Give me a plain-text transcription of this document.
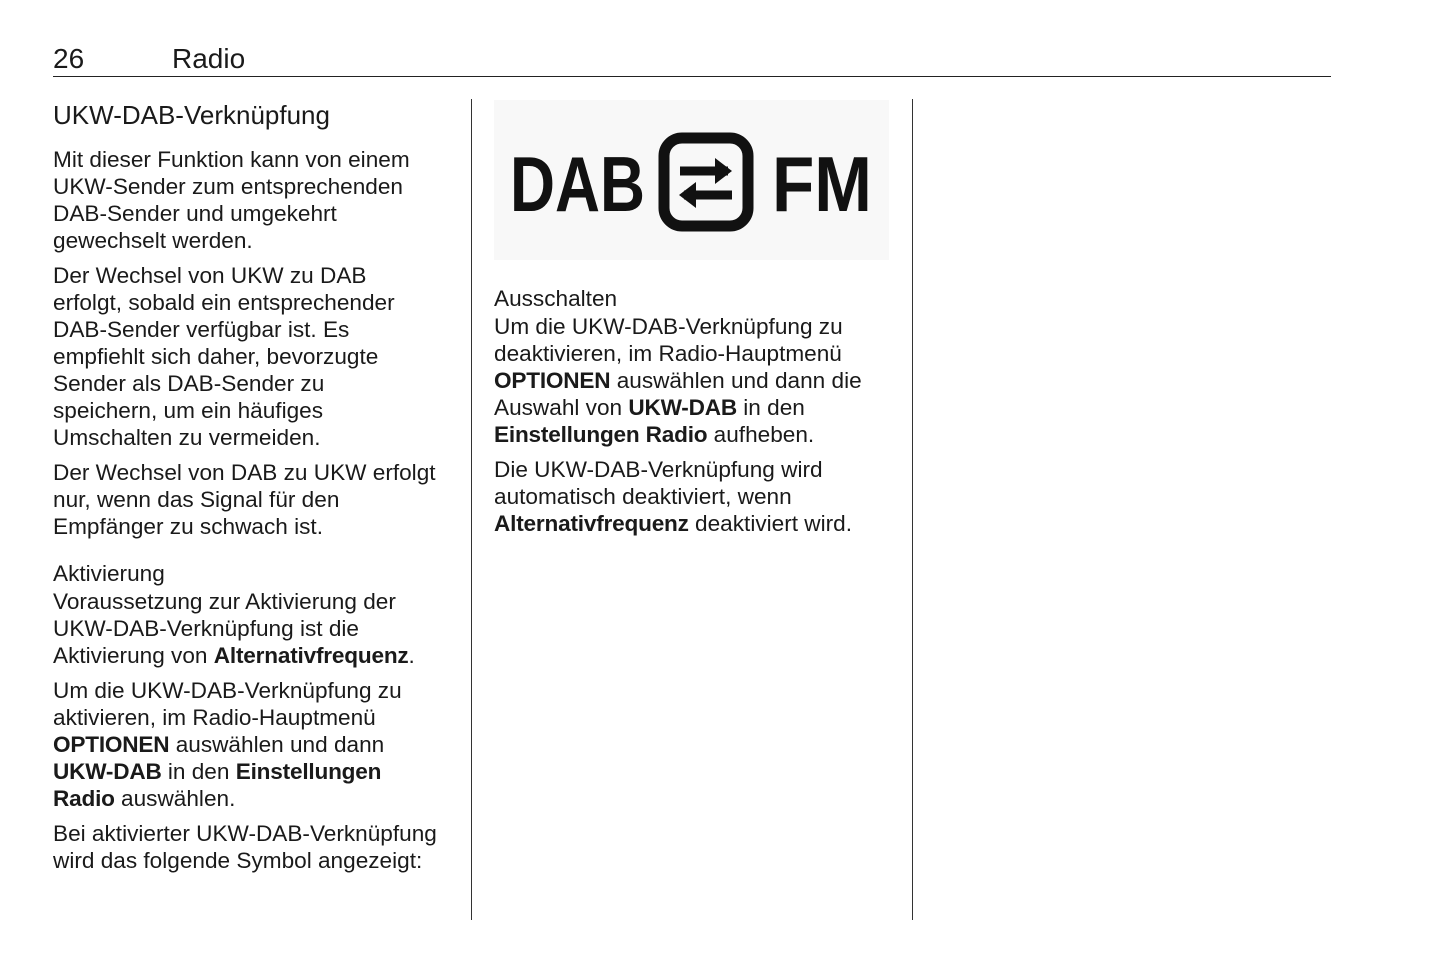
26	Radio
UKW-DAB-Verknüpfung

Mit dieser Funktion kann von einem UKW-Sender zum entsprechenden DAB-Sender und umgekehrt gewechselt werden.

Der Wechsel von UKW zu DAB erfolgt, sobald ein entsprechender DAB-Sender verfügbar ist. Es empfiehlt sich daher, bevorzugte Sender als DAB-Sender zu speichern, um ein häufiges Umschalten zu vermeiden.

Der Wechsel von DAB zu UKW erfolgt nur, wenn das Signal für den Empfänger zu schwach ist.

Aktivierung

Voraussetzung zur Aktivierung der UKW-DAB-Verknüpfung ist die Aktivierung von Alternativfrequenz.

Um die UKW-DAB-Verknüpfung zu aktivieren, im Radio-Hauptmenü OPTIONEN auswählen und dann UKW-DAB in den Einstellungen Radio auswählen.

Bei aktivierter UKW-DAB-Verknüpfung wird das folgende Symbol angezeigt:

DAB FM
Ausschalten

Um die UKW-DAB-Verknüpfung zu deaktivieren, im Radio-Hauptmenü OPTIONEN auswählen und dann die Auswahl von UKW-DAB in den Einstellungen Radio aufheben.

Die UKW-DAB-Verknüpfung wird automatisch deaktiviert, wenn Alternativfrequenz deaktiviert wird.
